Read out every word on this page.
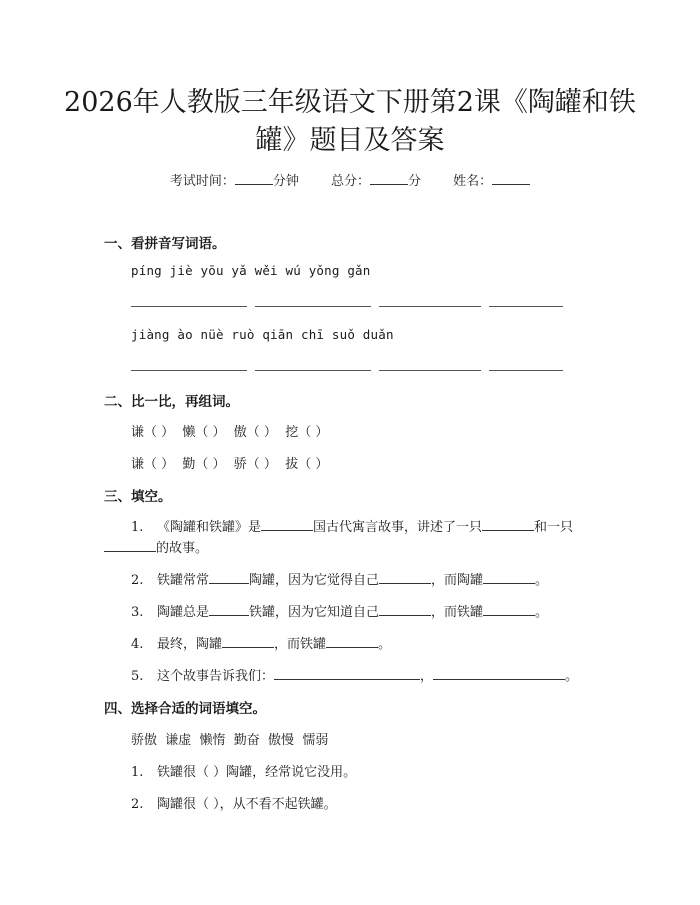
2026年人教版三年级语文下册第2课《陶罐和铁罐》题目及答案
考试时间：	分钟 总分：	分 姓名：
一、看拼音写词语。
píng jiè yōu yǎ wěi wú yǒng gǎn
jiàng ào nüè ruò qiān chī suǒ duǎn
二、比一比，再组词。
谦（ ）  懒（ ）  傲（ ）  挖（ ）
谦（ ）  勤（ ）  骄（ ）  拔（ ）
三、填空。
1. 《陶罐和铁罐》是	国古代寓言故事，讲述了一只	和一只
的故事。
2. 铁罐常常	陶罐，因为它觉得自己	，而陶罐	。
3. 陶罐总是	铁罐，因为它知道自己	，而铁罐	。
4. 最终，陶罐	，而铁罐	。
5. 这个故事告诉我们：	，	。
四、选择合适的词语填空。
骄傲  谦虚  懒惰  勤奋  傲慢  懦弱
1. 铁罐很（ ）陶罐，经常说它没用。
2. 陶罐很（ ），从不看不起铁罐。
